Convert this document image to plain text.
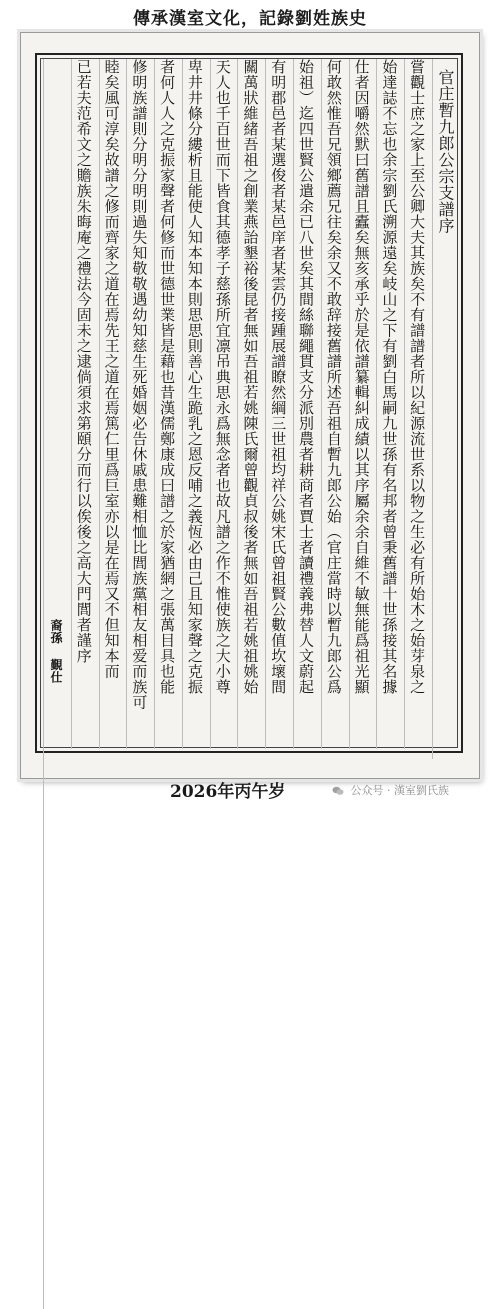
傳承漢室文化，記錄劉姓族史
官庄暫九郎公宗支譜序
嘗觀士庶之家上至公卿大夫其族矣不有譜譜者所以紀源流世系以物之生必有所始木之始芽泉之
始達誌不忘也余宗劉氏溯源遠矣岐山之下有劉白馬嗣九世孫有名邦者曾秉舊譜十世孫接其名據
仕者因嚼然默曰舊譜且蠹矣無亥承乎於是依譜纂輯糾成績以其序屬余余自維不敏無能爲祖光顯
何敢然惟吾兄領鄉薦兄往矣余又不敢辞接舊譜所述吾祖自暫九郎公始（官庄當時以暫九郎公爲
始祖）迄四世賢公遣余已八世矣其間絲聯繩貫支分派別農者耕商者賈士者讀禮義弗替人文蔚起
有明郡邑者某選俊者某邑庠者某雲仍接踵展譜瞭然綱三世祖均祥公姚宋氏曾祖賢公數值坎壞間
關萬狀維緒吾祖之創業燕詒墾裕後昆者無如吾祖若姚陳氏爾曾觀貞叔後者無如吾祖若姚祖姚始
天人也千百世而下皆食其德孝子慈孫所宜凛吊典思永爲無念者也故凡譜之作不惟使族之大小尊
卑井井條分縷析且能使人知本知本則思思則善心生跪乳之恩反哺之義恆必由己且知家聲之克振
者何人人之克振家聲者何修而世德世業皆是藉也昔漢儒鄭康成曰譜之於家猶網之張萬目具也能
修明族譜則分明分明則過失知敬敬遇幼知慈生死婚姻必告休戚患難相恤比閭族黨相友相爱而族可
睦矣風可淳矣故譜之修而齊家之道在焉先王之道在焉篤仁里爲巨室亦以是在焉又不但知本而
已若夫范希文之贍族朱晦庵之禮法今固未之逮倘須求第頤分而行以俟後之高大門閭者謹序
裔孫 覲仕
2026年丙午岁	公众号 · 漢室劉氏族
